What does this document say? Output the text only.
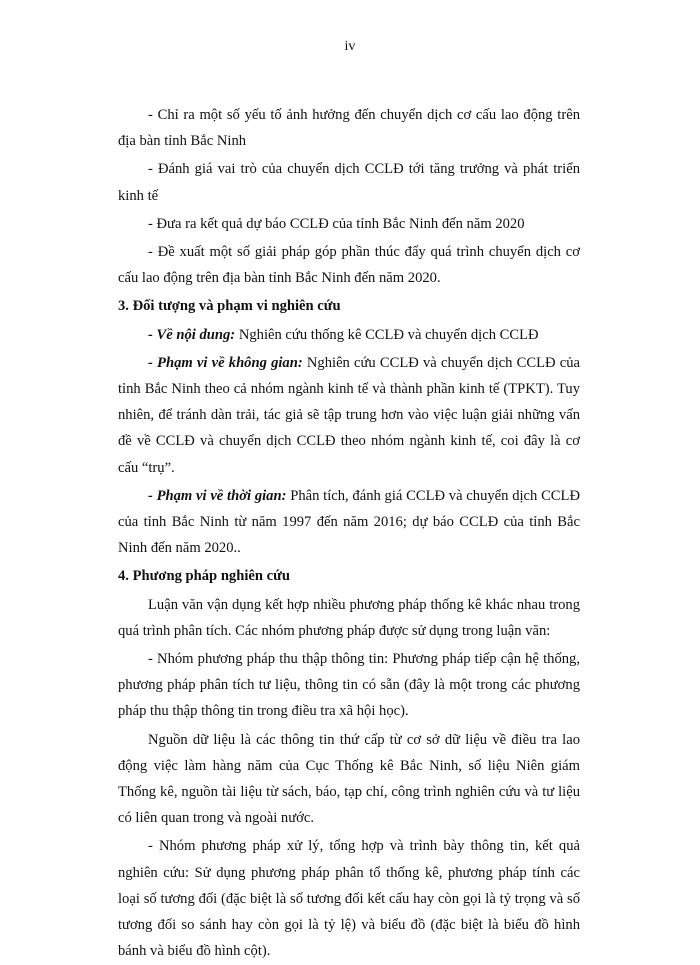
iv

- Chỉ ra một số yếu tố ảnh hưởng đến chuyển dịch cơ cấu lao động trên địa bàn tỉnh Bắc Ninh

- Đánh giá vai trò của chuyển dịch CCLĐ tới tăng trưởng và phát triển kinh tế

- Đưa ra kết quả dự báo CCLĐ của tỉnh Bắc Ninh đến năm 2020

- Đề xuất một số giải pháp góp phần thúc đẩy quá trình chuyển dịch cơ cấu lao động trên địa bàn tỉnh Bắc Ninh đến năm 2020.

3. Đối tượng và phạm vi nghiên cứu

- Về nội dung: Nghiên cứu thống kê CCLĐ và chuyển dịch CCLĐ

- Phạm vi về không gian: Nghiên cứu CCLĐ và chuyển dịch CCLĐ của tỉnh Bắc Ninh theo cả nhóm ngành kinh tế và thành phần kinh tế (TPKT). Tuy nhiên, để tránh dàn trải, tác giả sẽ tập trung hơn vào việc luận giải những vấn đề về CCLĐ và chuyển dịch CCLĐ theo nhóm ngành kinh tế, coi đây là cơ cấu “trụ”.

- Phạm vi về thời gian: Phân tích, đánh giá CCLĐ và chuyển dịch CCLĐ của tỉnh Bắc Ninh từ năm 1997 đến năm 2016; dự báo CCLĐ của tỉnh Bắc Ninh đến năm 2020..

4. Phương pháp nghiên cứu

Luận văn vận dụng kết hợp nhiều phương pháp thống kê khác nhau trong quá trình phân tích. Các nhóm phương pháp được sử dụng trong luận văn:

- Nhóm phương pháp thu thập thông tin: Phương pháp tiếp cận hệ thống, phương pháp phân tích tư liệu, thông tin có sẵn (đây là một trong các phương pháp thu thập thông tin trong điều tra xã hội học).

Nguồn dữ liệu là các thông tin thứ cấp từ cơ sở dữ liệu về điều tra lao động việc làm hàng năm của Cục Thống kê Bắc Ninh, số liệu Niên giám Thống kê, nguồn tài liệu từ sách, báo, tạp chí, công trình nghiên cứu và tư liệu có liên quan trong và ngoài nước.

- Nhóm phương pháp xử lý, tổng hợp và trình bày thông tin, kết quả nghiên cứu: Sử dụng phương pháp phân tổ thống kê, phương pháp tính các loại số tương đối (đặc biệt là số tương đối kết cấu hay còn gọi là tỷ trọng và số tương đối so sánh hay còn gọi là tỷ lệ) và biểu đồ (đặc biệt là biểu đồ hình bánh và biểu đồ hình cột).
